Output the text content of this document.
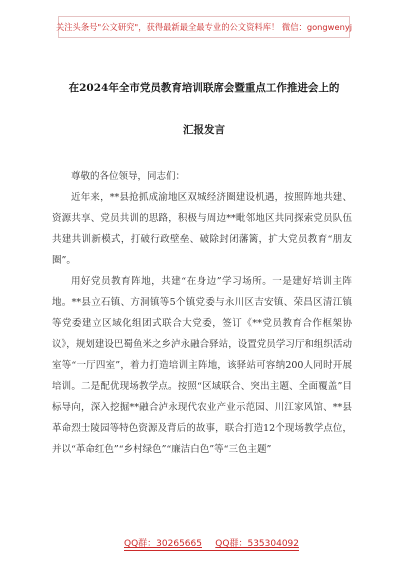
关注头条号"公文研究"，获得最新最全最专业的公文资料库！ 微信：gongwenyj
在2024年全市党员教育培训联席会暨重点工作推进会上的
汇报发言

尊敬的各位领导，同志们：

近年来，**县抢抓成渝地区双城经济圈建设机遇，按照阵地共建、资源共享、党员共训的思路，积极与周边**毗邻地区共同探索党员队伍共建共训新模式，打破行政壁垒、破除封闭藩篱，扩大党员教育“朋友圈”。

用好党员教育阵地，共建“在身边”学习场所。一是建好培训主阵地。**县立石镇、方洞镇等5个镇党委与永川区吉安镇、荣昌区清江镇等党委建立区域化组团式联合大党委，签订《**党员教育合作框架协议》，规划建设巴蜀鱼米之乡泸永融合驿站，设置党员学习厅和组织活动室等“一厅四室”，着力打造培训主阵地，该驿站可容纳200人同时开展培训。二是配优现场教学点。按照“区域联合、突出主题、全面覆盖”目标导向，深入挖掘**融合泸永现代农业产业示范园、川江家风馆、**县革命烈士陵园等特色资源及背后的故事，联合打造12个现场教学点位，并以“革命红色”“乡村绿色”“廉洁白色”等“三色主题”

QQ群：30265665 QQ群：535304092
